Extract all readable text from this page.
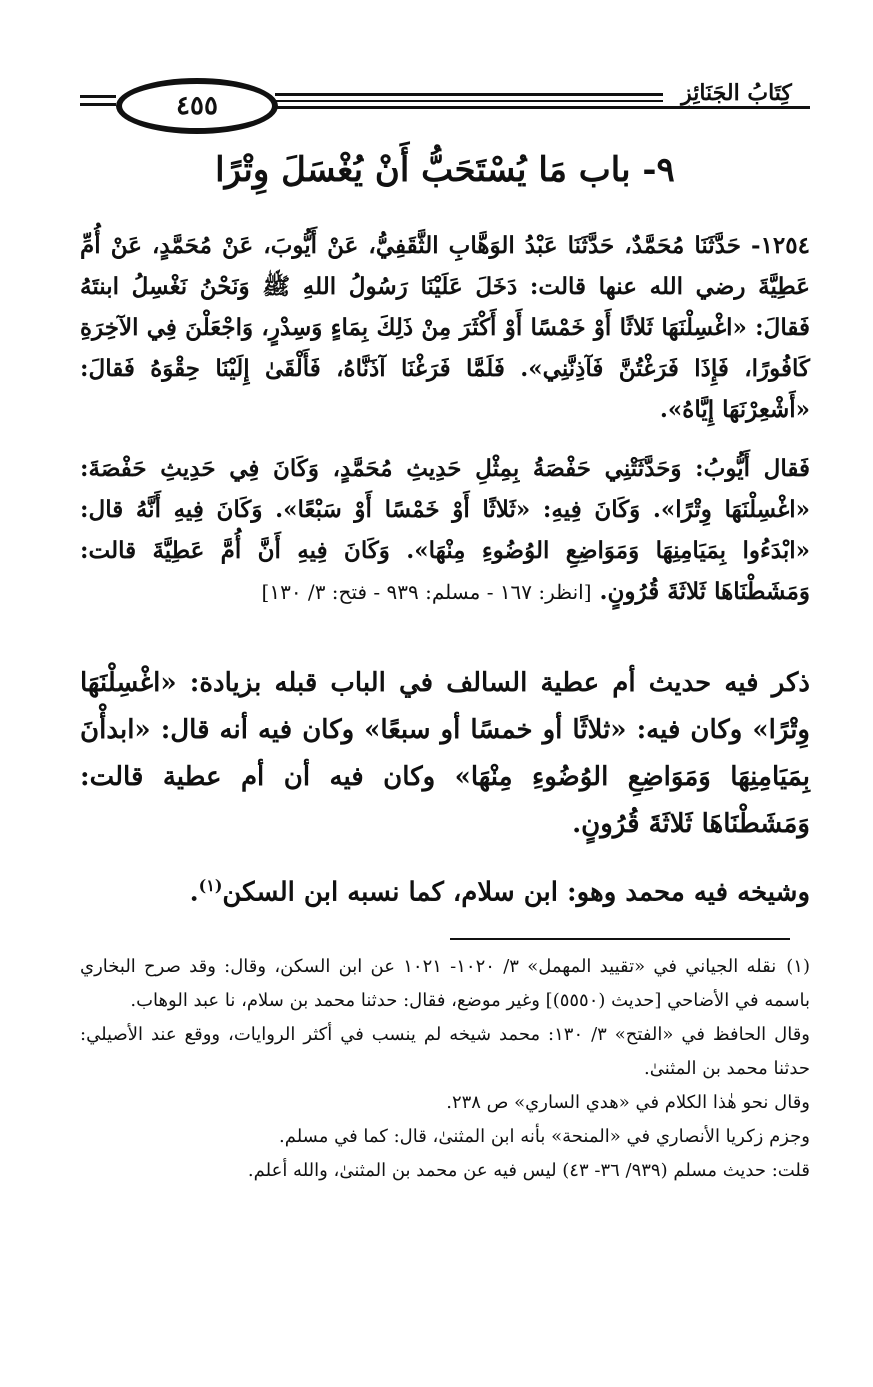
كِتَابُ الجَنَائِزِ
٤٥٥
٩- باب مَا يُسْتَحَبُّ أَنْ يُغْسَلَ وِتْرًا

١٢٥٤- حَدَّثَنَا مُحَمَّدٌ، حَدَّثَنَا عَبْدُ الوَهَّابِ الثَّقَفِيُّ، عَنْ أَيُّوبَ، عَنْ مُحَمَّدٍ، عَنْ أُمِّ عَطِيَّةَ رضي الله عنها قالت: دَخَلَ عَلَيْنَا رَسُولُ اللهِ ﷺ وَنَحْنُ نَغْسِلُ ابنتَهُ فَقالَ: «اغْسِلْنَهَا ثَلاثًا أَوْ خَمْسًا أَوْ أَكْثَرَ مِنْ ذَلِكَ بِمَاءٍ وَسِدْرٍ، وَاجْعَلْنَ فِي الآخِرَةِ كَافُورًا، فَإِذَا فَرَغْتُنَّ فَآذِنَّنِي». فَلَمَّا فَرَغْنَا آذَنَّاهُ، فَأَلْقَىٰ إِلَيْنَا حِقْوَهُ فَقالَ: «أَشْعِرْنَهَا إِيَّاهُ».

فَقال أَيُّوبُ: وَحَدَّثَتْنِي حَفْصَةُ بِمِثْلِ حَدِيثِ مُحَمَّدٍ، وَكَانَ فِي حَدِيثِ حَفْصَةَ: «اغْسِلْنَهَا وِتْرًا». وَكَانَ فِيهِ: «ثَلاثًا أَوْ خَمْسًا أَوْ سَبْعًا». وَكَانَ فِيهِ أَنَّهُ قال: «ابْدَءُوا بِمَيَامِنِهَا وَمَوَاضِعِ الوُضُوءِ مِنْهَا». وَكَانَ فِيهِ أَنَّ أُمَّ عَطِيَّةَ قالت: وَمَشَطْنَاهَا ثَلاثَةَ قُرُونٍ. [انظر: ١٦٧ - مسلم: ٩٣٩ - فتح: ٣/ ١٣٠]

ذكر فيه حديث أم عطية السالف في الباب قبله بزيادة: «اغْسِلْنَهَا وِتْرًا» وكان فيه: «ثلاثًا أو خمسًا أو سبعًا» وكان فيه أنه قال: «ابدأْنَ بِمَيَامِنِهَا وَمَوَاضِعِ الوُضُوءِ مِنْهَا» وكان فيه أن أم عطية قالت: وَمَشَطْنَاهَا ثَلاثَةَ قُرُونٍ.

وشيخه فيه محمد وهو: ابن سلام، كما نسبه ابن السكن$^{(١)}$.

(١)نقله الجياني في «تقييد المهمل» ٣/ ١٠٢٠- ١٠٢١ عن ابن السكن، وقال: وقد صرح البخاري باسمه في الأضاحي [حديث (٥٥٥٠)] وغير موضع، فقال: حدثنا محمد بن سلام، نا عبد الوهاب.

وقال الحافظ في «الفتح» ٣/ ١٣٠: محمد شيخه لم ينسب في أكثر الروايات، ووقع عند الأصيلي: حدثنا محمد بن المثنىٰ.

وقال نحو هٰذا الكلام في «هدي الساري» ص ٢٣٨.

وجزم زكريا الأنصاري في «المنحة» بأنه ابن المثنىٰ، قال: كما في مسلم.

قلت: حديث مسلم (٩٣٩/ ٣٦- ٤٣) ليس فيه عن محمد بن المثنىٰ، والله أعلم.
